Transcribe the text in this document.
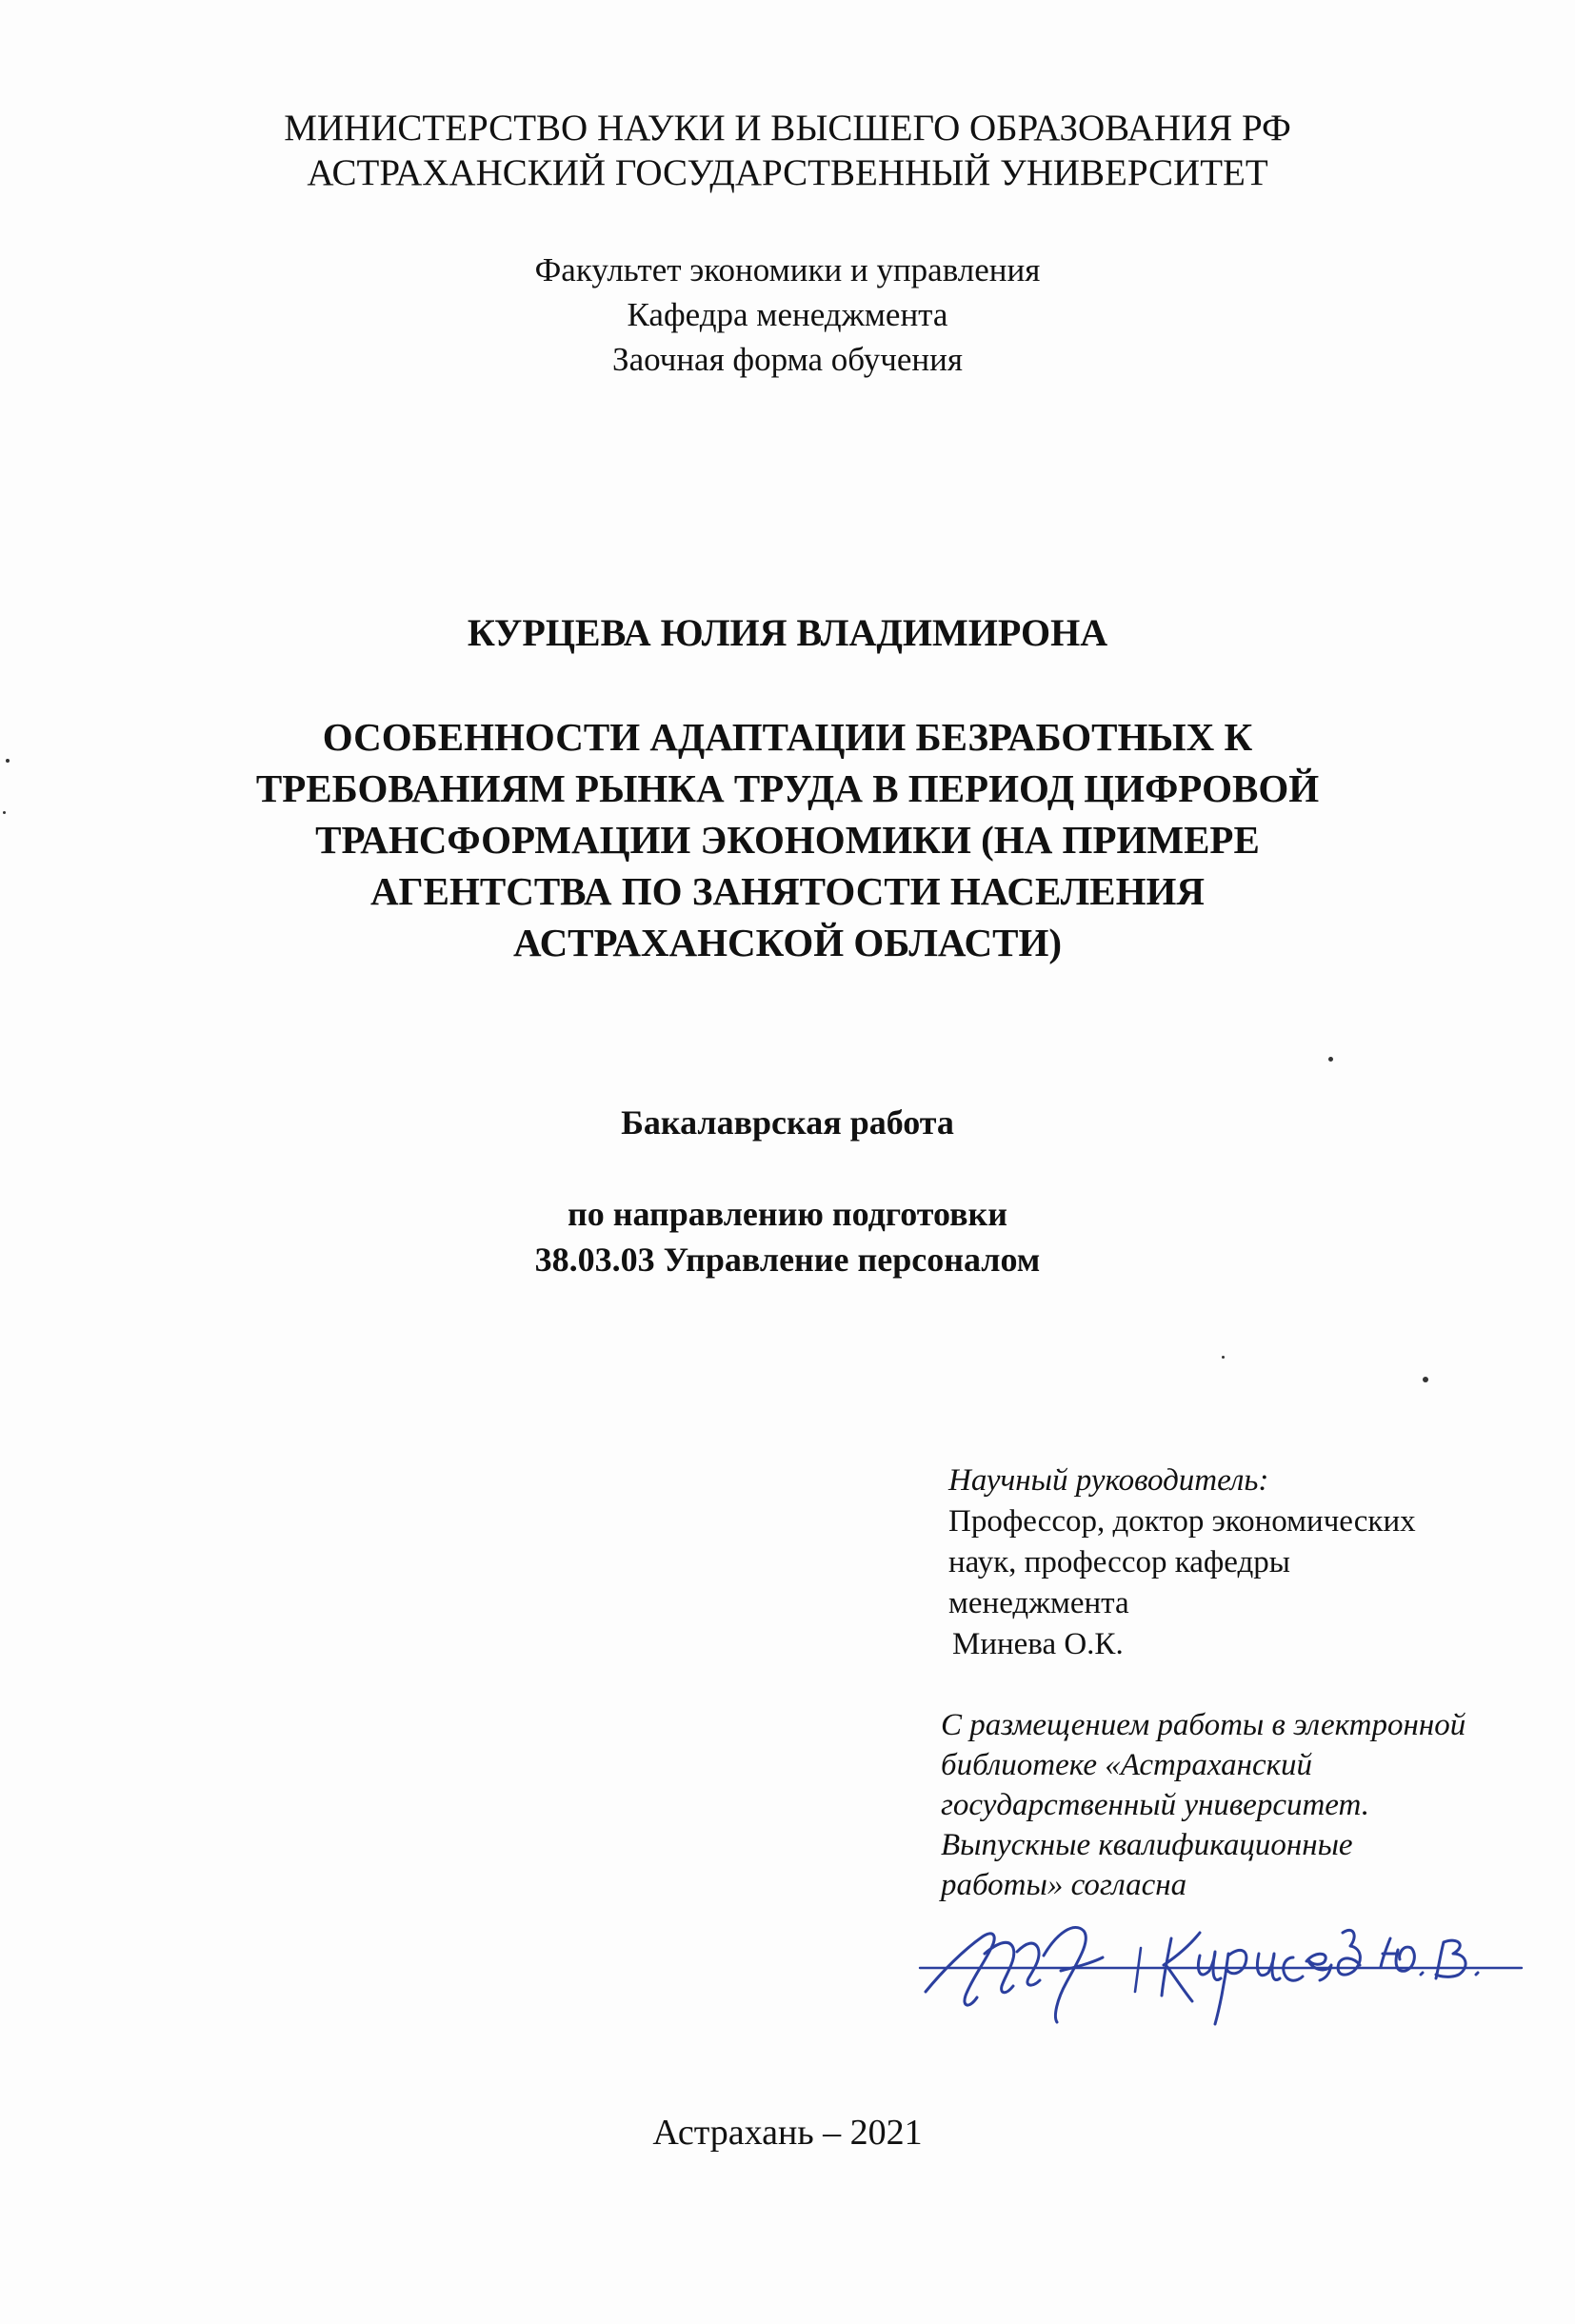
МИНИСТЕРСТВО НАУКИ И ВЫСШЕГО ОБРАЗОВАНИЯ РФ
АСТРАХАНСКИЙ ГОСУДАРСТВЕННЫЙ УНИВЕРСИТЕТ
Факультет экономики и управления
Кафедра менеджмента
Заочная форма обучения
КУРЦЕВА ЮЛИЯ ВЛАДИМИРОНА
ОСОБЕННОСТИ АДАПТАЦИИ БЕЗРАБОТНЫХ К
ТРЕБОВАНИЯМ РЫНКА ТРУДА В ПЕРИОД ЦИФРОВОЙ
ТРАНСФОРМАЦИИ ЭКОНОМИКИ (НА ПРИМЕРЕ
АГЕНТСТВА ПО ЗАНЯТОСТИ НАСЕЛЕНИЯ
АСТРАХАНСКОЙ ОБЛАСТИ)
Бакалаврская работа
по направлению подготовки
38.03.03 Управление персоналом
Научный руководитель:
Профессор, доктор экономических
наук, профессор кафедры
менеджмента
Минева О.К.
С размещением работы в электронной
библиотеке «Астраханский
государственный университет.
Выпускные квалификационные
работы» согласна
Астрахань – 2021
